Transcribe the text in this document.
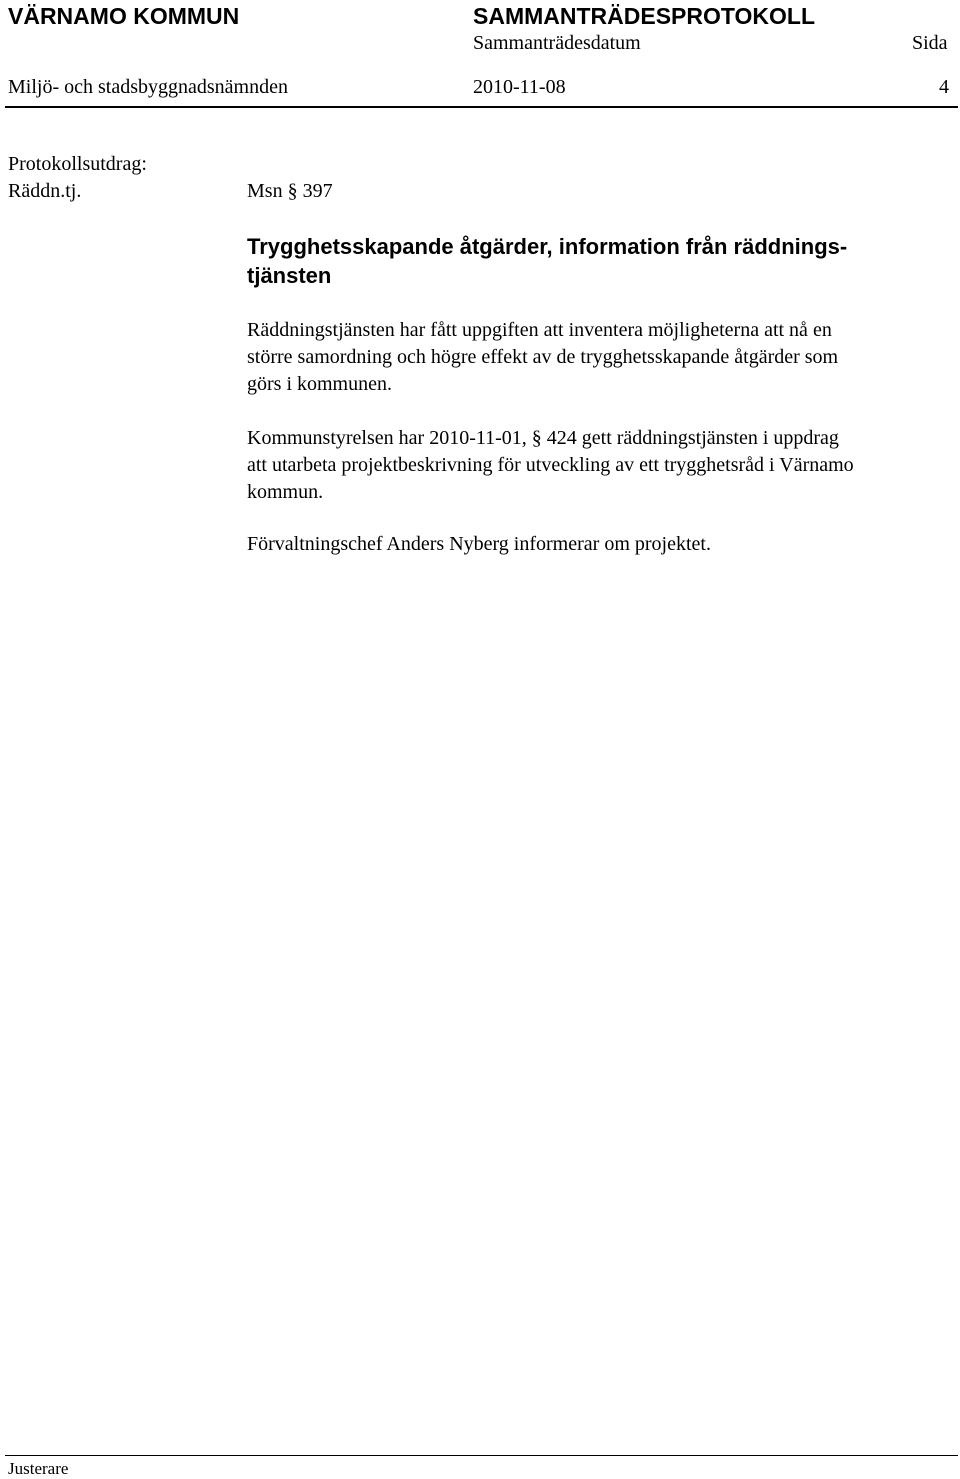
VÄRNAMO KOMMUN	SAMMANTRÄDESPROTOKOLL
Sammanträdesdatum	Sida
Miljö- och stadsbyggnadsnämnden	2010-11-08	4
Protokollsutdrag:
Räddn.tj.	Msn § 397
Trygghetsskapande åtgärder, information från räddnings-
tjänsten
Räddningstjänsten har fått uppgiften att inventera möjligheterna att nå en
större samordning och högre effekt av de trygghetsskapande åtgärder som
görs i kommunen.
Kommunstyrelsen har 2010-11-01, § 424 gett räddningstjänsten i uppdrag
att utarbeta projektbeskrivning för utveckling av ett trygghetsråd i Värnamo
kommun.
Förvaltningschef Anders Nyberg informerar om projektet.
Justerare
